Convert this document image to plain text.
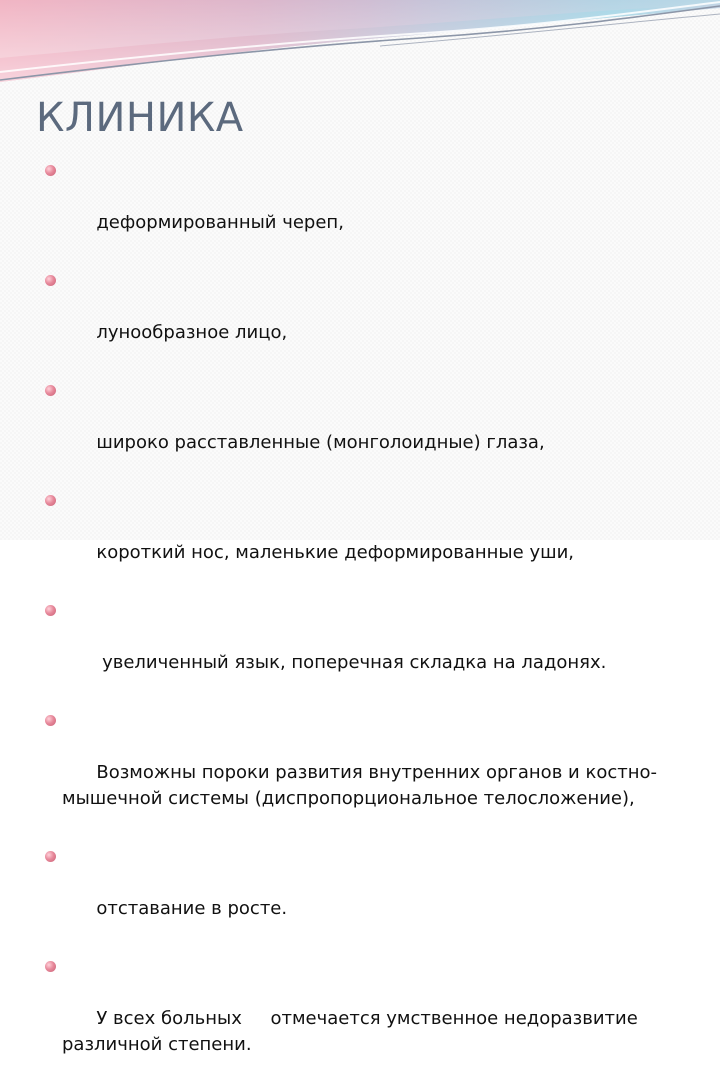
КЛИНИКА

деформированный череп,

лунообразное лицо,

широко расставленные (монголоидные) глаза,

короткий нос, маленькие деформированные уши,

увеличенный язык, поперечная складка на ладонях.

Возможны пороки развития внутренних органов и костно-мышечной системы (диспропорциональное телосложение),

отставание в росте.

У всех больных     отмечается умственное недоразвитие различной степени.
